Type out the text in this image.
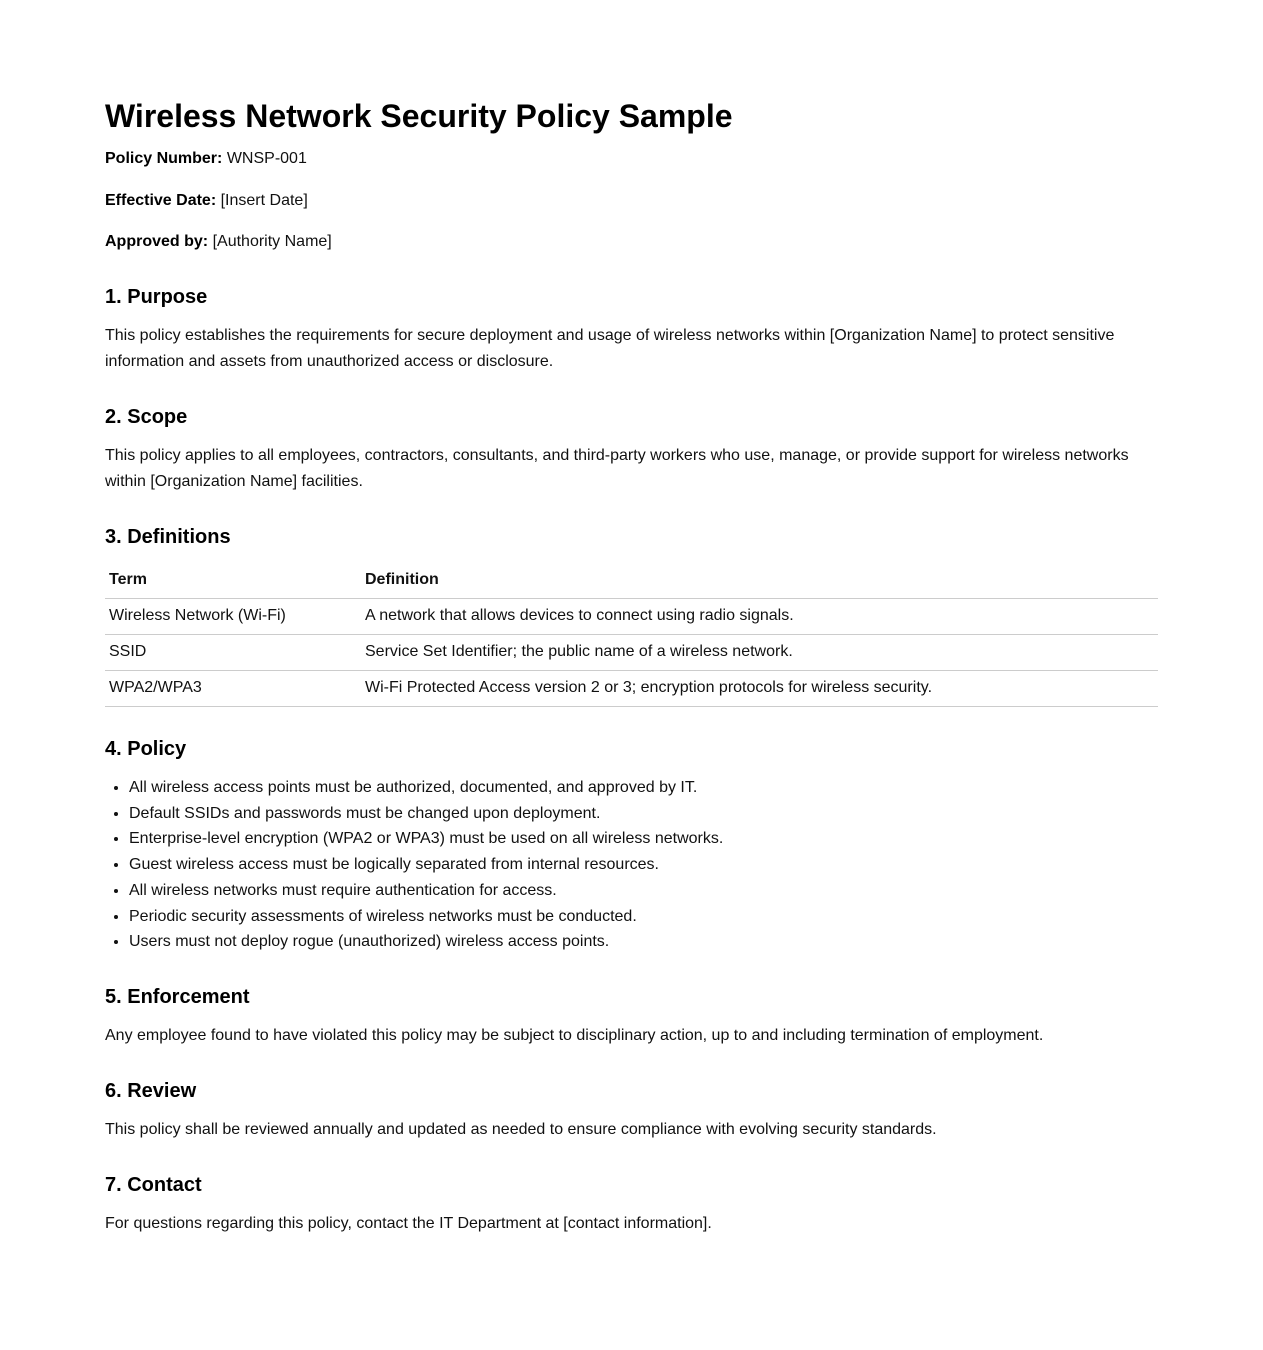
Wireless Network Security Policy Sample

Policy Number: WNSP-001

Effective Date: [Insert Date]

Approved by: [Authority Name]

1. Purpose

This policy establishes the requirements for secure deployment and usage of wireless networks within [Organization Name] to protect sensitive information and assets from unauthorized access or disclosure.

2. Scope

This policy applies to all employees, contractors, consultants, and third-party workers who use, manage, or provide support for wireless networks within [Organization Name] facilities.

3. Definitions
Term	Definition
Wireless Network (Wi-Fi)	A network that allows devices to connect using radio signals.
SSID	Service Set Identifier; the public name of a wireless network.
WPA2/WPA3	Wi-Fi Protected Access version 2 or 3; encryption protocols for wireless security.
4. Policy
• All wireless access points must be authorized, documented, and approved by IT.
• Default SSIDs and passwords must be changed upon deployment.
• Enterprise-level encryption (WPA2 or WPA3) must be used on all wireless networks.
• Guest wireless access must be logically separated from internal resources.
• All wireless networks must require authentication for access.
• Periodic security assessments of wireless networks must be conducted.
• Users must not deploy rogue (unauthorized) wireless access points.
5. Enforcement

Any employee found to have violated this policy may be subject to disciplinary action, up to and including termination of employment.

6. Review

This policy shall be reviewed annually and updated as needed to ensure compliance with evolving security standards.

7. Contact

For questions regarding this policy, contact the IT Department at [contact information].
